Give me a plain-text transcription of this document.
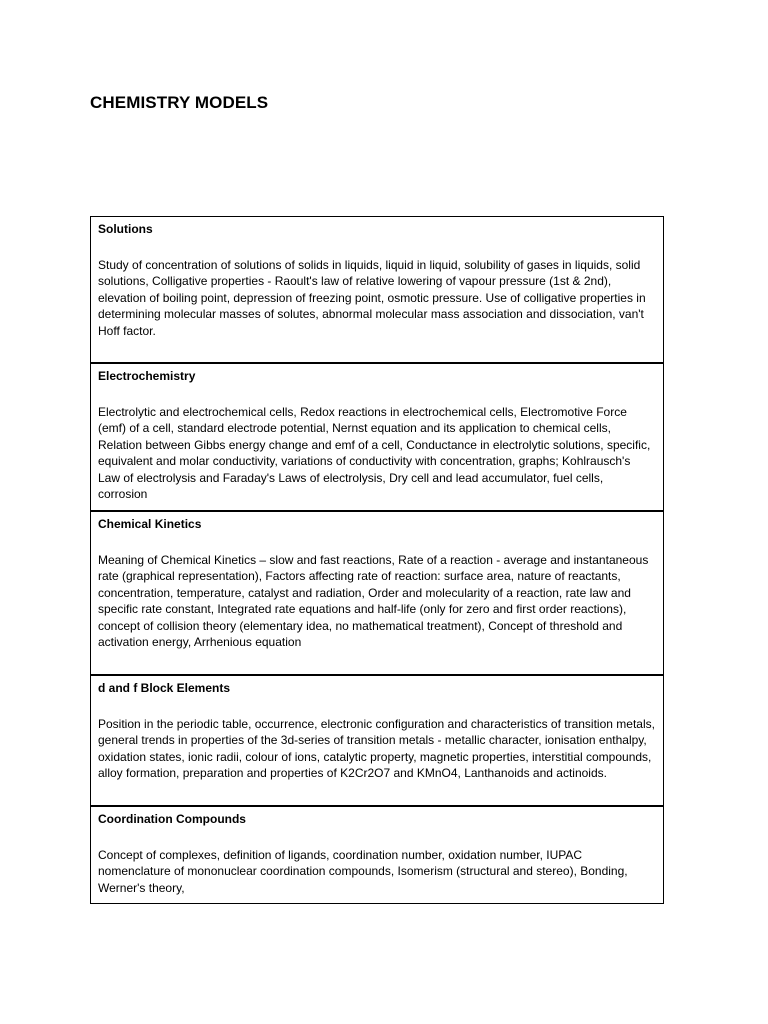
CHEMISTRY MODELS

Solutions

Study of concentration of solutions of solids in liquids, liquid in liquid, solubility of gases in liquids, solid solutions, Colligative properties - Raoult's law of relative lowering of vapour pressure (1st & 2nd), elevation of boiling point, depression of freezing point, osmotic pressure. Use of colligative properties in determining molecular masses of solutes, abnormal molecular mass association and dissociation, van't Hoff factor.

Electrochemistry

Electrolytic and electrochemical cells, Redox reactions in electrochemical cells, Electromotive Force (emf) of a cell, standard electrode potential, Nernst equation and its application to chemical cells, Relation between Gibbs energy change and emf of a cell, Conductance in electrolytic solutions, specific, equivalent and molar conductivity, variations of conductivity with concentration, graphs; Kohlrausch's Law of electrolysis and Faraday's Laws of electrolysis, Dry cell and lead accumulator, fuel cells, corrosion

Chemical Kinetics

Meaning of Chemical Kinetics – slow and fast reactions, Rate of a reaction - average and instantaneous rate (graphical representation), Factors affecting rate of reaction: surface area, nature of reactants, concentration, temperature, catalyst and radiation, Order and molecularity of a reaction, rate law and specific rate constant, Integrated rate equations and half-life (only for zero and first order reactions), concept of collision theory (elementary idea, no mathematical treatment), Concept of threshold and activation energy, Arrhenious equation

d and f Block Elements

Position in the periodic table, occurrence, electronic configuration and characteristics of transition metals, general trends in properties of the 3d-series of transition metals - metallic character, ionisation enthalpy, oxidation states, ionic radii, colour of ions, catalytic property, magnetic properties, interstitial compounds, alloy formation, preparation and properties of K2Cr2O7 and KMnO4, Lanthanoids and actinoids.

Coordination Compounds

Concept of complexes, definition of ligands, coordination number, oxidation number, IUPAC nomenclature of mononuclear coordination compounds, Isomerism (structural and stereo), Bonding, Werner's theory,
